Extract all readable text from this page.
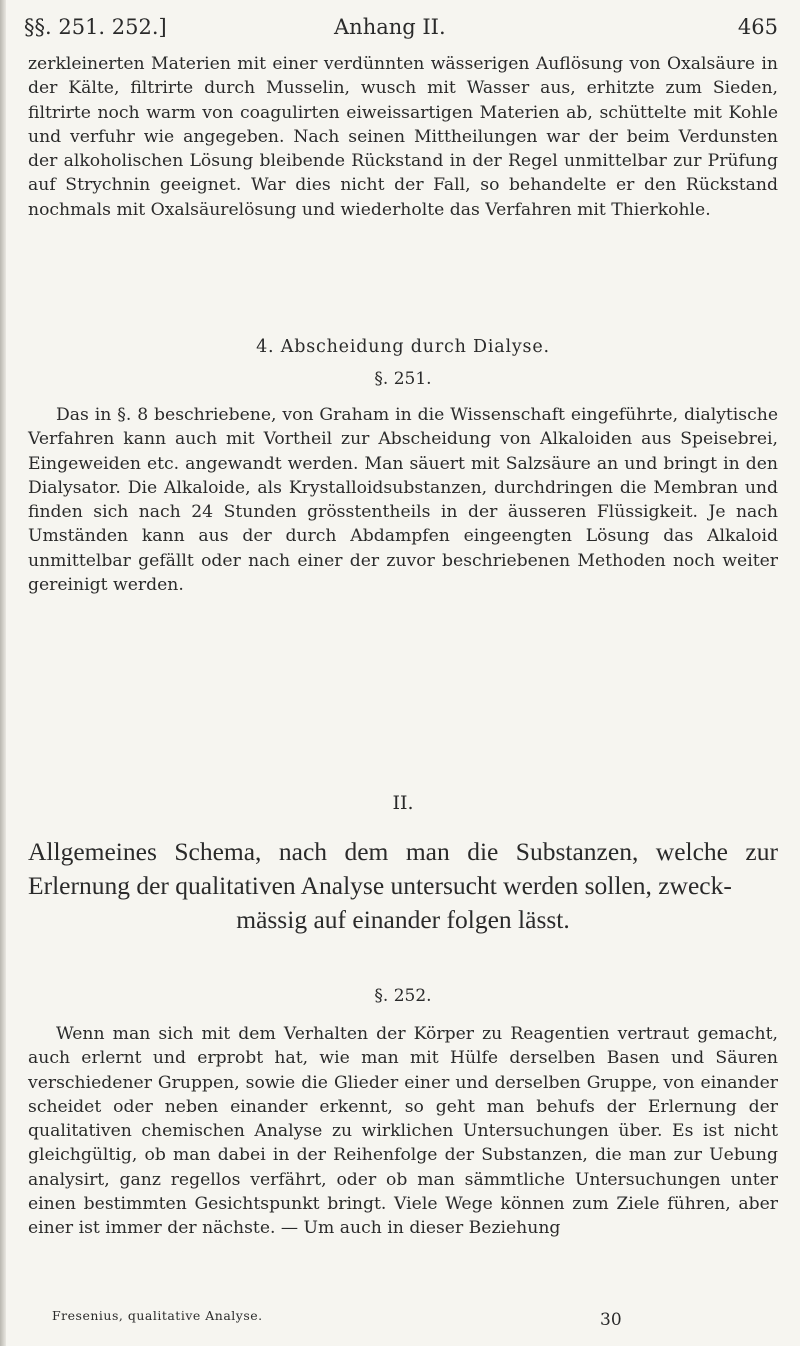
§§. 251. 252.]	Anhang II.	465

zerkleinerten Materien mit einer verdünnten wässerigen Auflösung von Oxalsäure in der Kälte, filtrirte durch Musselin, wusch mit Wasser aus, erhitzte zum Sieden, filtrirte noch warm von coagulirten eiweissartigen Materien ab, schüttelte mit Kohle und verfuhr wie angegeben. Nach seinen Mittheilungen war der beim Verdunsten der alkoholischen Lösung bleibende Rückstand in der Regel unmittelbar zur Prüfung auf Strychnin geeignet. War dies nicht der Fall, so behandelte er den Rückstand nochmals mit Oxalsäurelösung und wiederholte das Verfahren mit Thierkohle.

4. Abscheidung durch Dialyse.

§. 251.

Das in §. 8 beschriebene, von Graham in die Wissenschaft eingeführte, dialytische Verfahren kann auch mit Vortheil zur Abscheidung von Alkaloiden aus Speisebrei, Eingeweiden etc. angewandt werden. Man säuert mit Salzsäure an und bringt in den Dialysator. Die Alkaloide, als Krystalloidsubstanzen, durchdringen die Membran und finden sich nach 24 Stunden grösstentheils in der äusseren Flüssigkeit. Je nach Umständen kann aus der durch Abdampfen eingeengten Lösung das Alkaloid unmittelbar gefällt oder nach einer der zuvor beschriebenen Methoden noch weiter gereinigt werden.

II.

Allgemeines Schema, nach dem man die Substanzen, welche zur Erlernung der qualitativen Analyse untersucht werden sollen, zweck-
mässig auf einander folgen lässt.

§. 252.

Wenn man sich mit dem Verhalten der Körper zu Reagentien vertraut gemacht, auch erlernt und erprobt hat, wie man mit Hülfe derselben Basen und Säuren verschiedener Gruppen, sowie die Glieder einer und derselben Gruppe, von einander scheidet oder neben einander erkennt, so geht man behufs der Erlernung der qualitativen chemischen Analyse zu wirklichen Untersuchungen über. Es ist nicht gleichgültig, ob man dabei in der Reihenfolge der Substanzen, die man zur Uebung analysirt, ganz regellos verfährt, oder ob man sämmtliche Untersuchungen unter einen bestimmten Gesichtspunkt bringt. Viele Wege können zum Ziele führen, aber einer ist immer der nächste. — Um auch in dieser Beziehung

Fresenius, qualitative Analyse.	30
